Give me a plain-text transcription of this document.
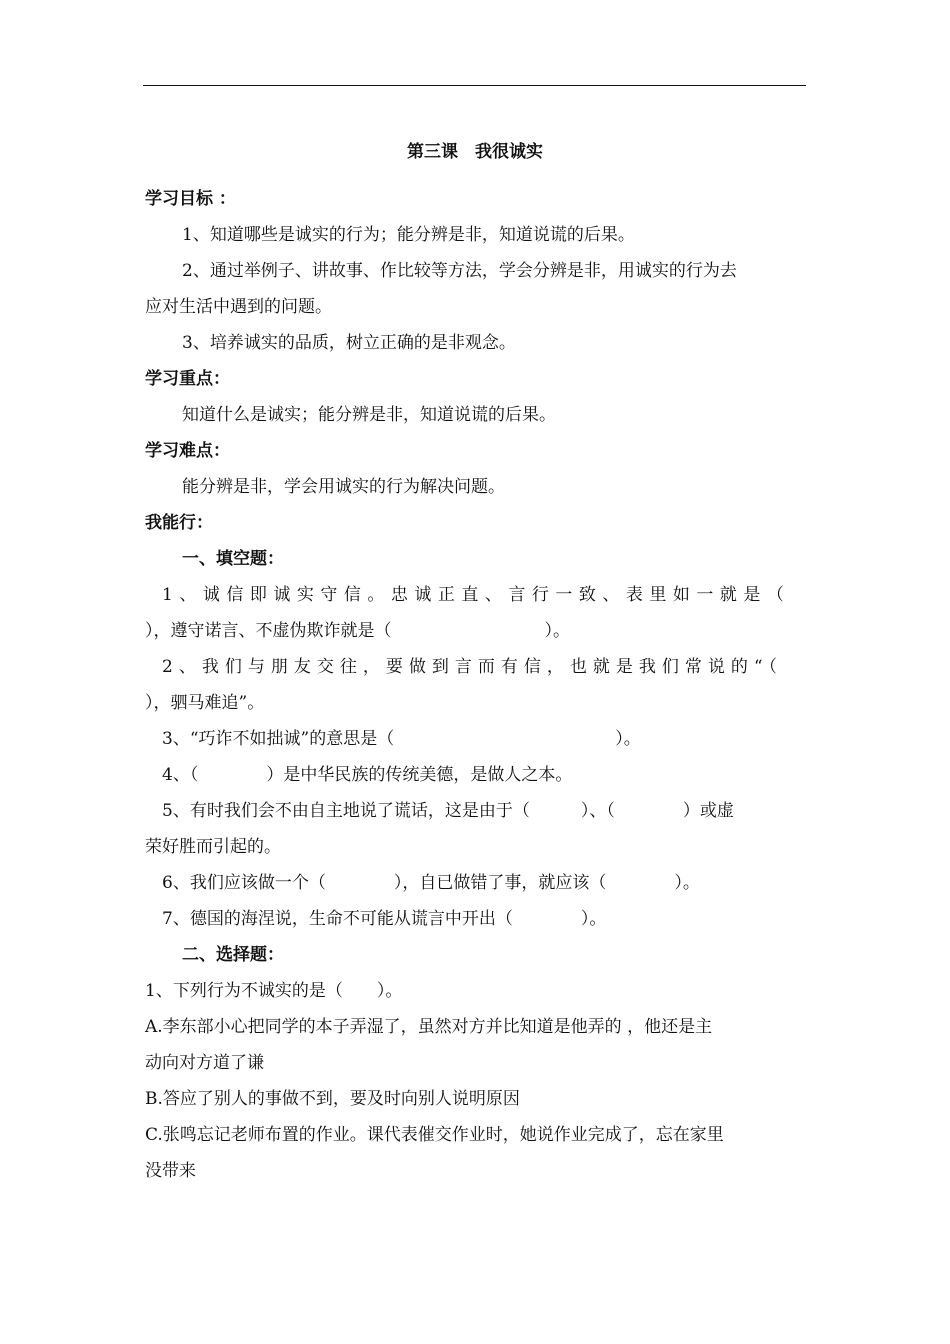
第三课　我很诚实
学习目标 ：
1、知道哪些是诚实的行为；能分辨是非，知道说谎的后果。
2、通过举例子、讲故事、作比较等方法，学会分辨是非，用诚实的行为去
应对生活中遇到的问题。
3、培养诚实的品质，树立正确的是非观念。
学习重点：
知道什么是诚实；能分辨是非，知道说谎的后果。
学习难点：
能分辨是非，学会用诚实的行为解决问题。
我能行：
一、填空题：
1、诚信即诚实守信。忠诚正直、言行一致、表里如一就是（
），遵守诺言、不虚伪欺诈就是（　　　　　　　　　）。
2、我们与朋友交往，要做到言而有信，也就是我们常说的“（
），驷马难追”。
3、“巧诈不如拙诚”的意思是（　　　　　　　　　　　　　）。
4、（　　　　）是中华民族的传统美德，是做人之本。
5、有时我们会不由自主地说了谎话，这是由于（　　　）、（　　　　）或虚
荣好胜而引起的。
6、我们应该做一个（　　　　），自已做错了事，就应该（　　　　）。
7、德国的海涅说，生命不可能从谎言中开出（　　　　）。
二、选择题：
1、下列行为不诚实的是（　　）。
A.李东部小心把同学的本子弄湿了，虽然对方并比知道是他弄的 ，他还是主
动向对方道了谦
B.答应了别人的事做不到，要及时向别人说明原因
C.张鸣忘记老师布置的作业。课代表催交作业时，她说作业完成了，忘在家里
没带来
